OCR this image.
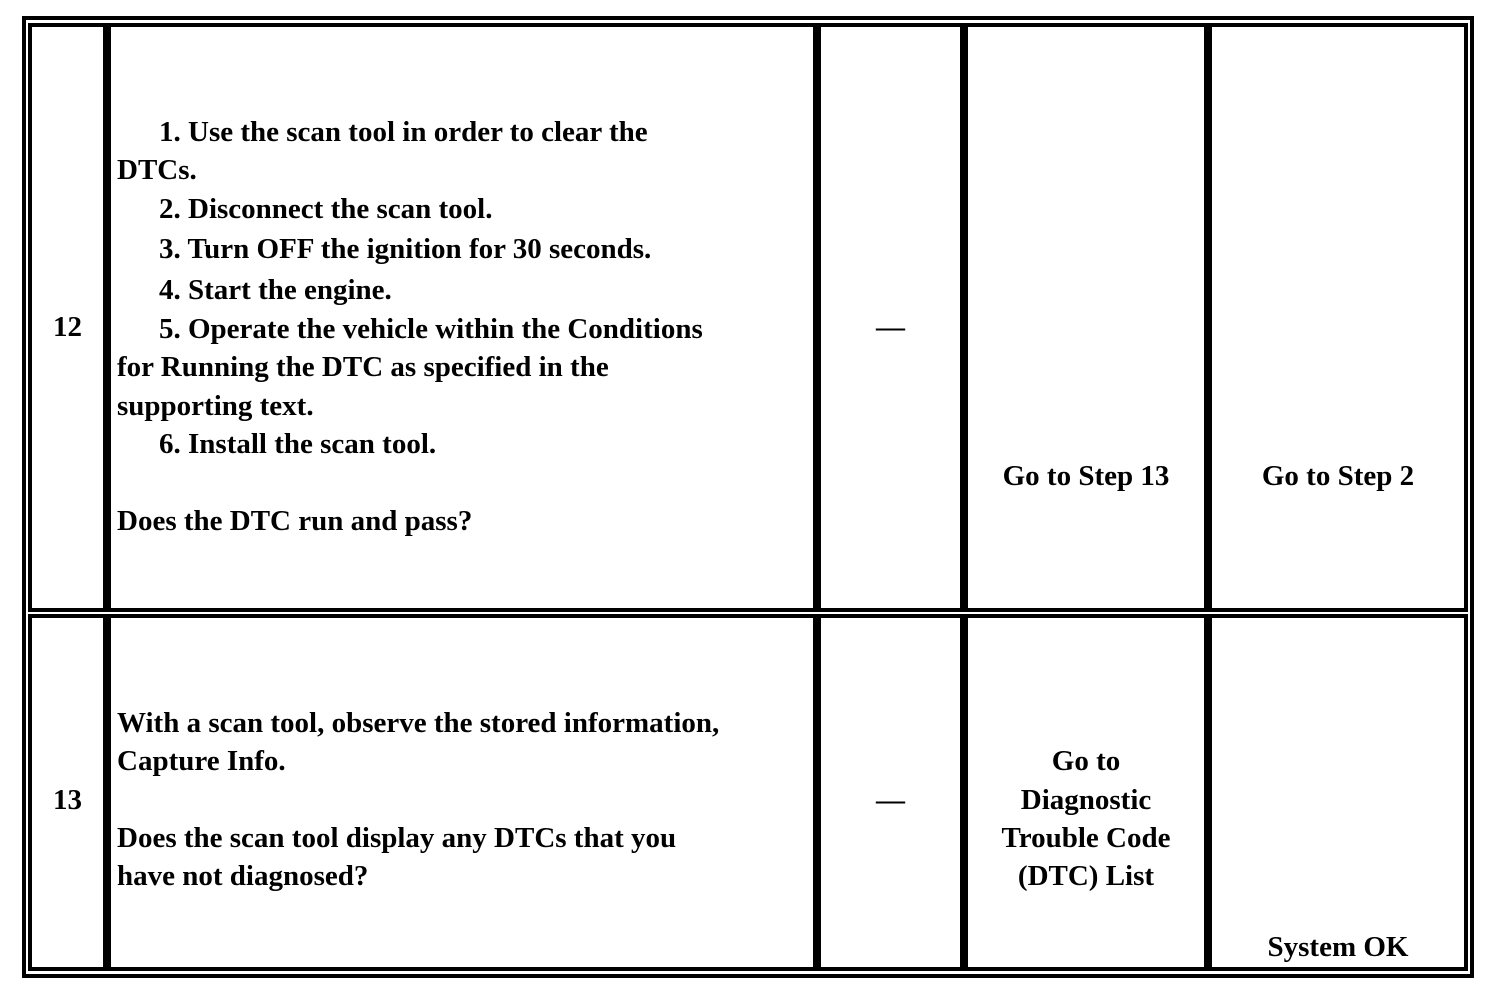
12
1. Use the scan tool in order to clear the
DTCs.
2. Disconnect the scan tool.
3. Turn OFF the ignition for 30 seconds.
4. Start the engine.
5. Operate the vehicle within the Conditions
for Running the DTC as specified in the
supporting text.
6. Install the scan tool.
Does the DTC run and pass?
—
Go to Step 13	Go to Step 2
13
With a scan tool, observe the stored information,
Capture Info.
Does the scan tool display any DTCs that you
have not diagnosed?
—
Go to
Diagnostic
Trouble Code
(DTC) List
System OK
